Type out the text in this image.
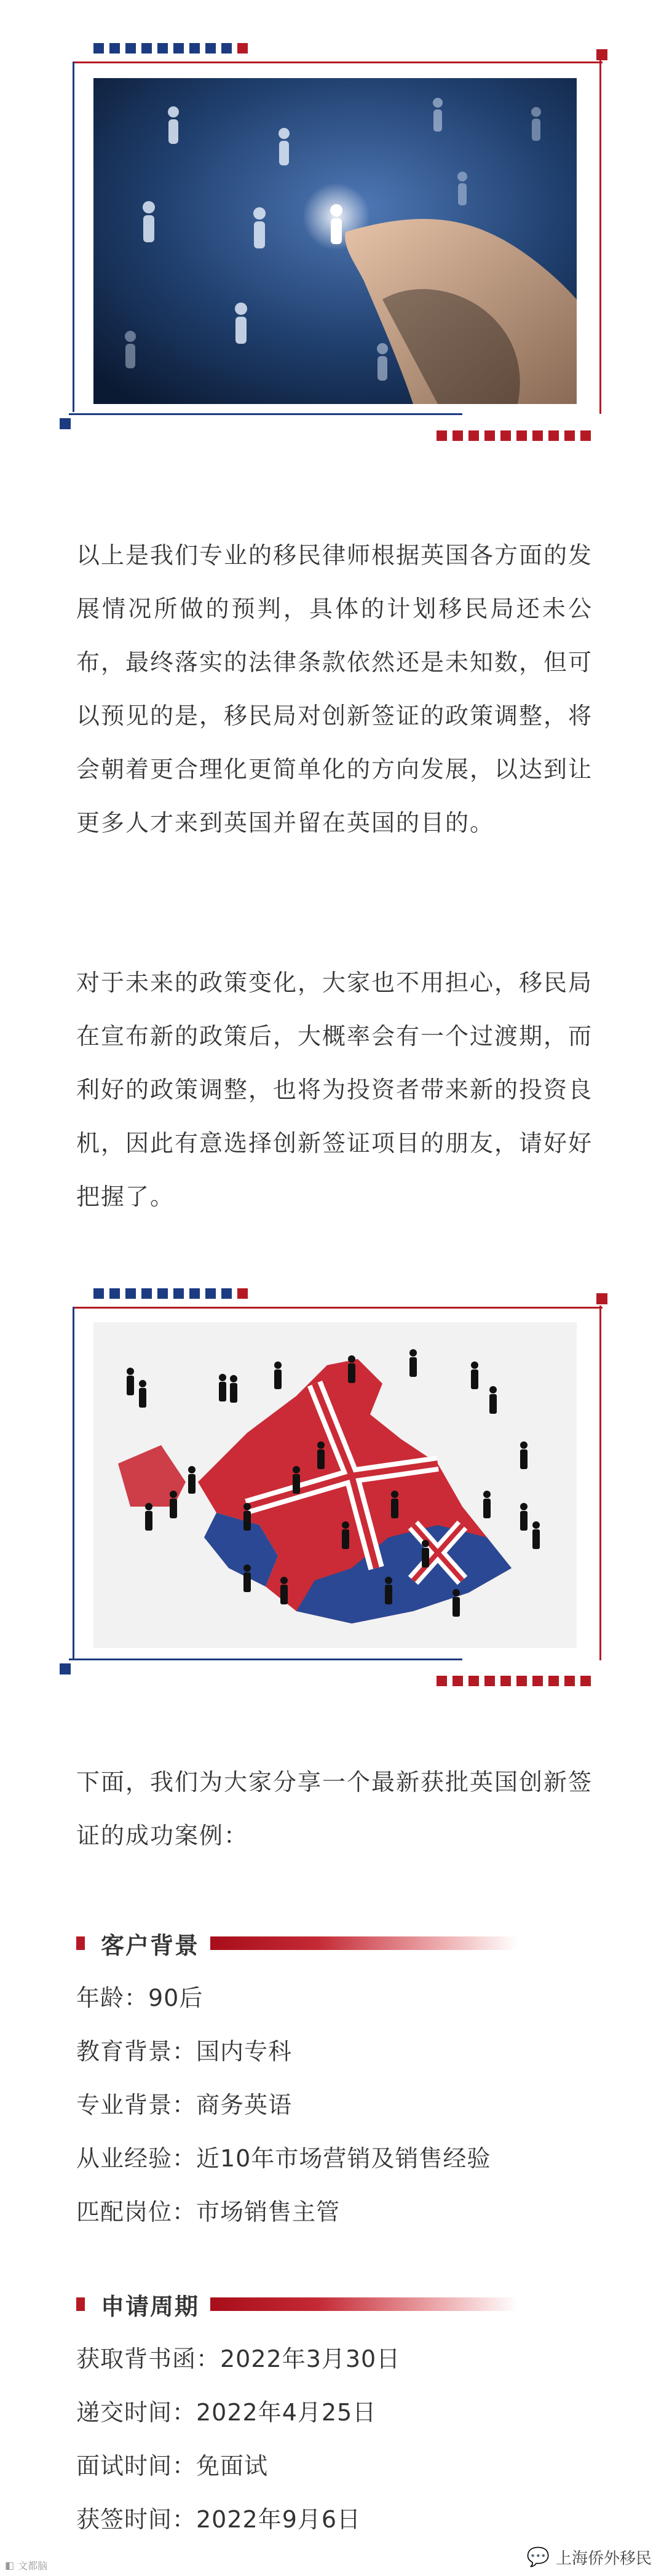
以上是我们专业的移民律师根据英国各方面的发展情况所做的预判，具体的计划移民局还未公布，最终落实的法律条款依然还是未知数，但可以预见的是，移民局对创新签证的政策调整，将会朝着更合理化更简单化的方向发展，以达到让更多人才来到英国并留在英国的目的。
对于未来的政策变化，大家也不用担心，移民局在宣布新的政策后，大概率会有一个过渡期，而利好的政策调整，也将为投资者带来新的投资良机，因此有意选择创新签证项目的朋友，请好好把握了。
下面，我们为大家分享一个最新获批英国创新签证的成功案例：
客户背景
年龄：90后
教育背景：国内专科
专业背景：商务英语
从业经验：近10年市场营销及销售经验
匹配岗位：市场销售主管
申请周期
获取背书函：2022年3月30日
递交时间：2022年4月25日
面试时间：免面试
获签时间：2022年9月6日
◧ 文都脑	💬 上海侨外移民
